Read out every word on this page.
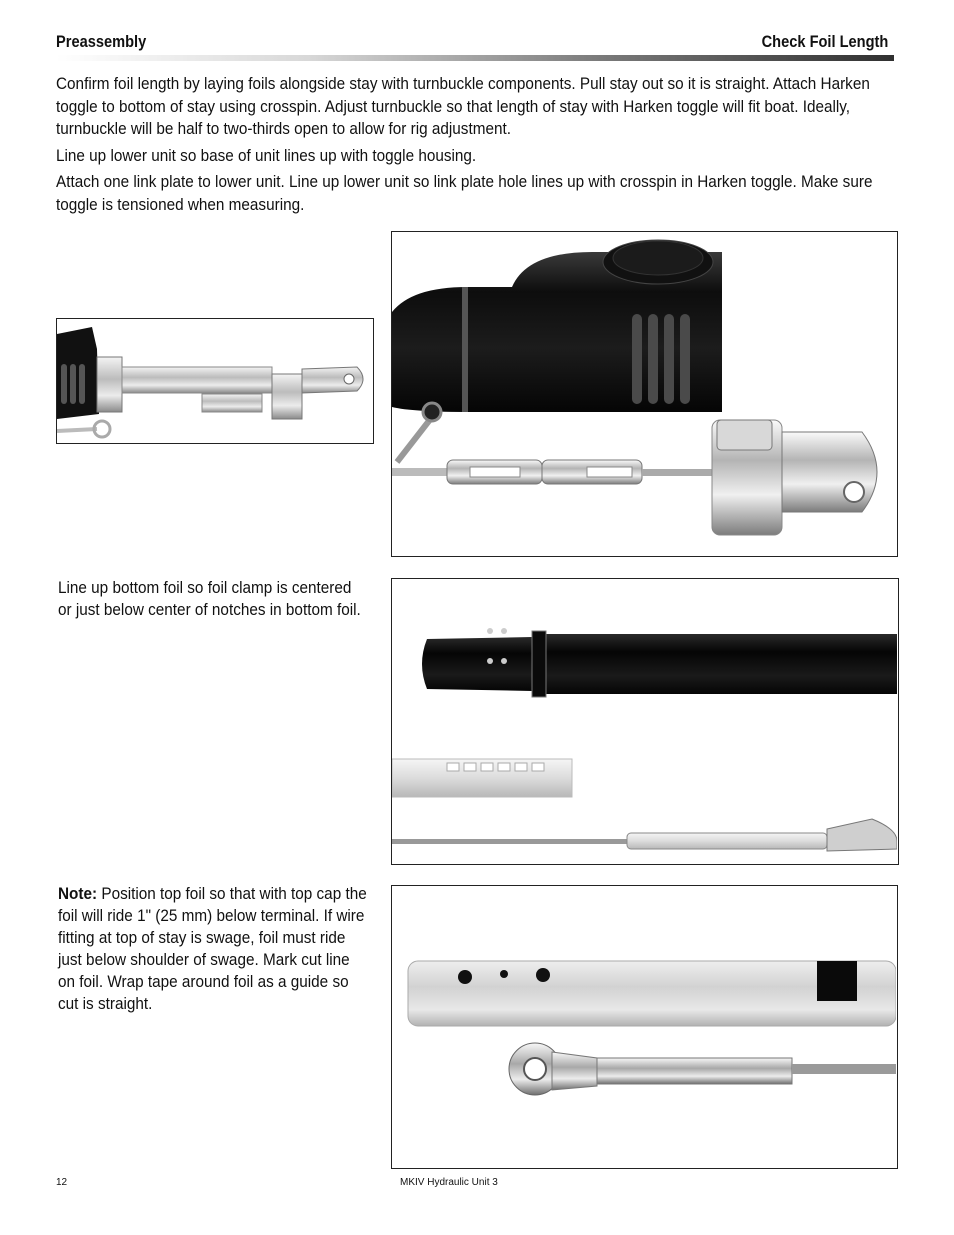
Preassembly	Check Foil Length

Confirm foil length by laying foils alongside stay with turnbuckle components. Pull stay out so it is straight. Attach Harken toggle to bottom of stay using crosspin. Adjust turnbuckle so that length of stay with Harken toggle will fit boat. Ideally, turnbuckle will be half to two-thirds open to allow for rig adjustment.

Line up lower unit so base of unit lines up with toggle housing.

Attach one link plate to lower unit. Line up lower unit so link plate hole lines up with crosspin in Harken toggle. Make sure toggle is tensioned when measuring.

Line up bottom foil so foil clamp is centered or just below center of notches in bottom foil.
Note: Position top foil so that with top cap the foil will ride 1" (25 mm) below terminal. If wire fitting at top of stay is swage, foil must ride just below shoulder of swage. Mark cut line on foil. Wrap tape around foil as a guide so cut is straight.
12	MKIV Hydraulic Unit 3
